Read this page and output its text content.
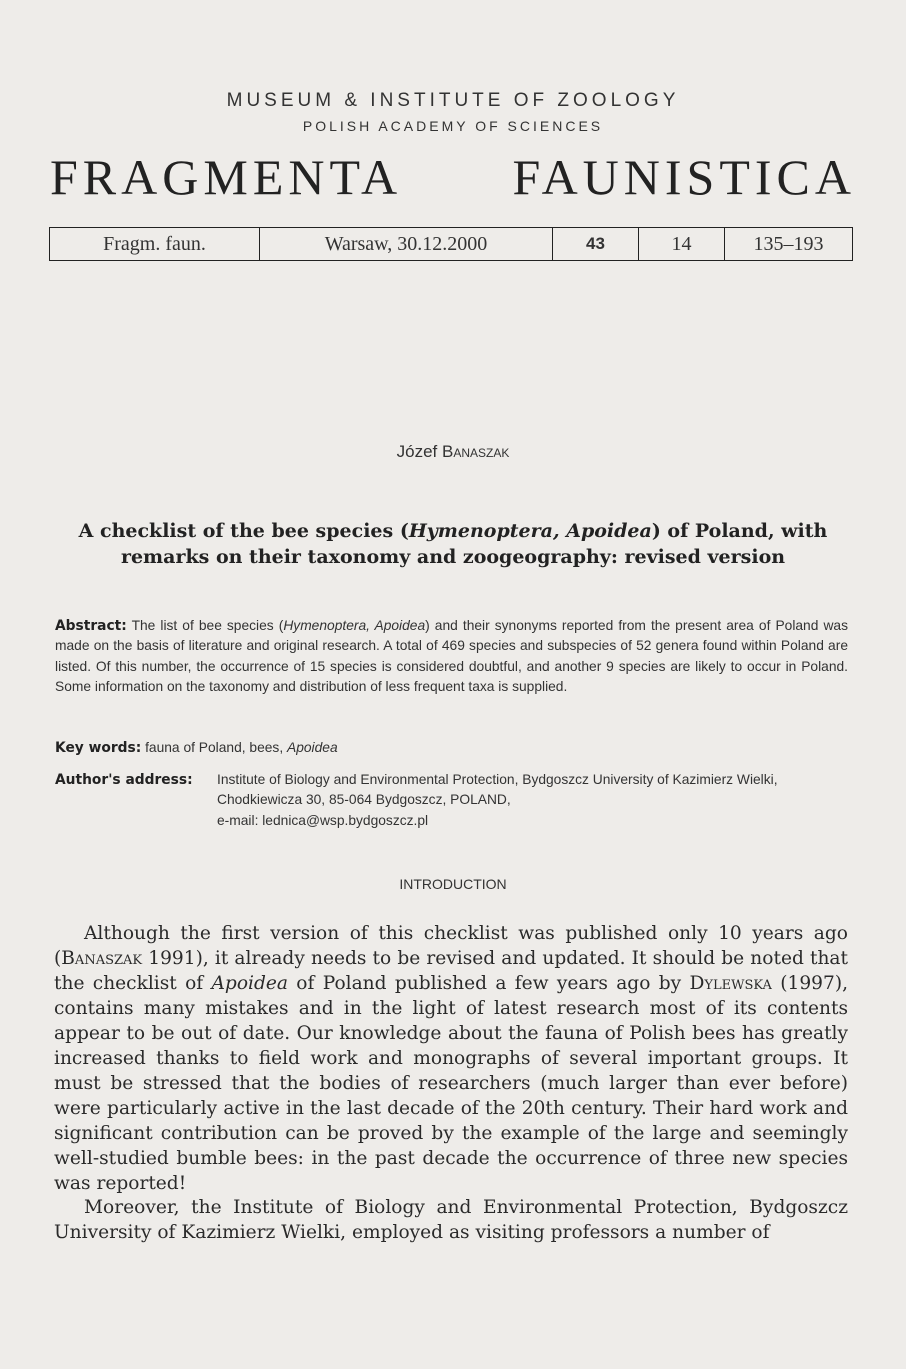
MUSEUM & INSTITUTE OF ZOOLOGY
POLISH ACADEMY OF SCIENCES
FRAGMENTA FAUNISTICA
Fragm. faun.	Warsaw, 30.12.2000	43	14	135–193
Józef Banaszak
A checklist of the bee species (Hymenoptera, Apoidea) of Poland, with remarks on their taxonomy and zoogeography: revised version
Abstract: The list of bee species (Hymenoptera, Apoidea) and their synonyms reported from the present area of Poland was made on the basis of literature and original research. A total of 469 species and subspecies of 52 genera found within Poland are listed. Of this number, the occurrence of 15 species is considered doubtful, and another 9 species are likely to occur in Poland. Some information on the taxonomy and distribution of less frequent taxa is supplied.
Key words: fauna of Poland, bees, Apoidea
Author's address:	Institute of Biology and Environmental Protection, Bydgoszcz University of Kazimierz Wielki, Chodkiewicza 30, 85-064 Bydgoszcz, POLAND,
e-mail: lednica@wsp.bydgoszcz.pl
INTRODUCTION

Although the first version of this checklist was published only 10 years ago (Banaszak 1991), it already needs to be revised and updated. It should be noted that the checklist of Apoidea of Poland published a few years ago by Dylewska (1997), contains many mistakes and in the light of latest research most of its contents appear to be out of date. Our knowledge about the fauna of Polish bees has greatly increased thanks to field work and monographs of several important groups. It must be stressed that the bodies of researchers (much larger than ever before) were particularly active in the last decade of the 20th century. Their hard work and significant contribution can be proved by the example of the large and seemingly well-studied bumble bees: in the past decade the occurrence of three new species was reported!

Moreover, the Institute of Biology and Environmental Protection, Bydgoszcz University of Kazimierz Wielki, employed as visiting professors a number of
